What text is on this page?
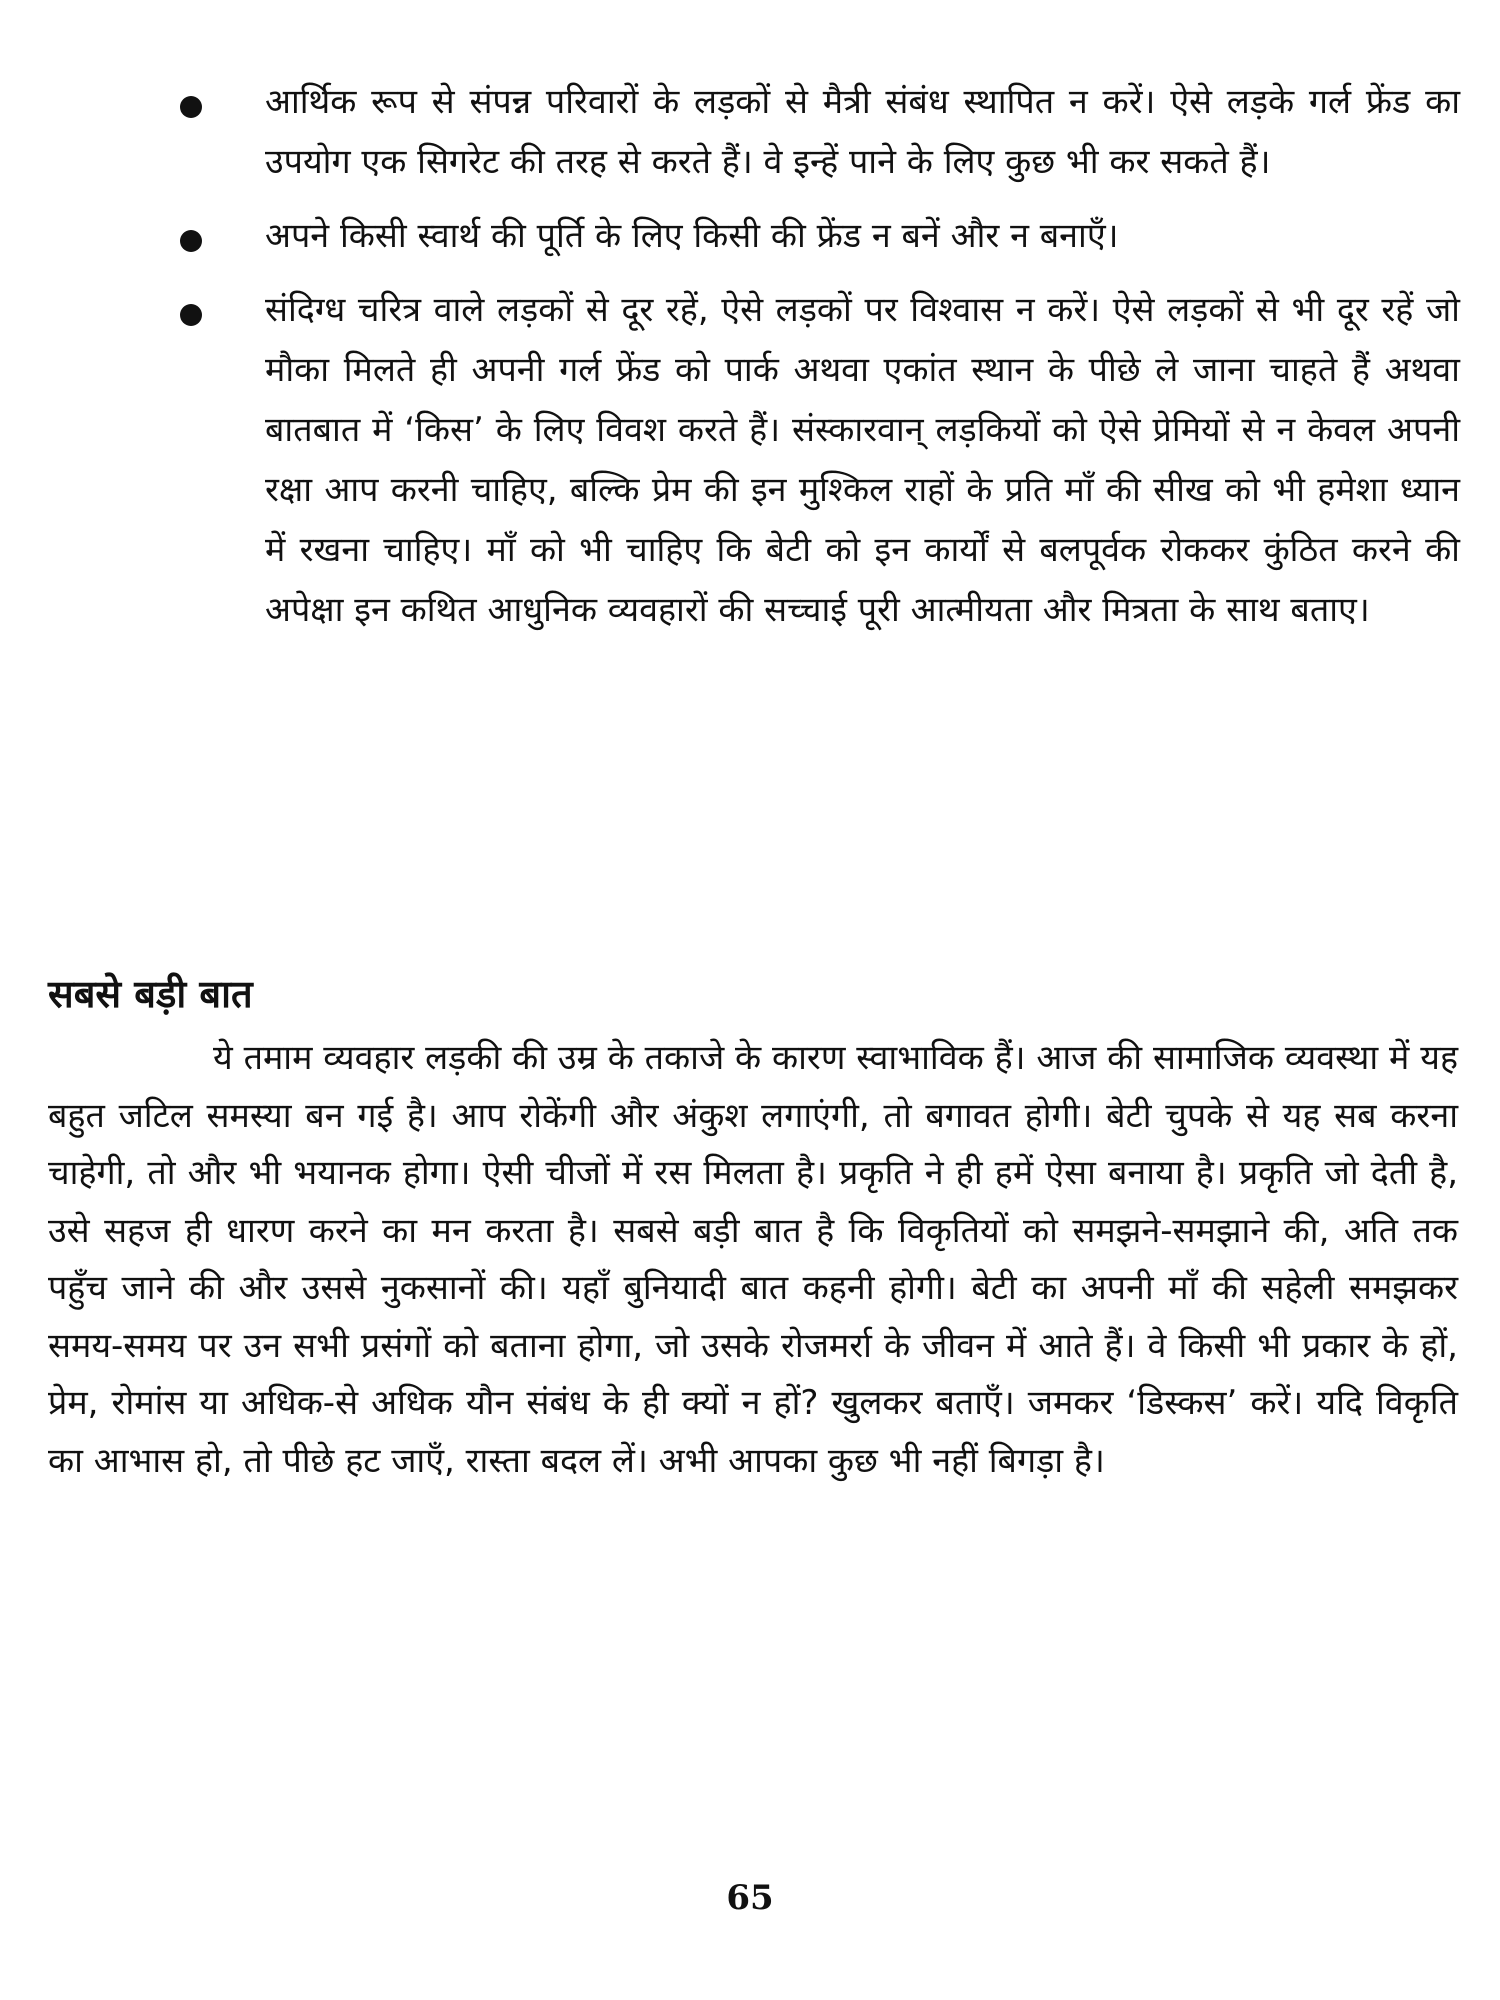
आर्थिक रूप से संपन्न परिवारों के लड़कों से मैत्री संबंध स्थापित न करें। ऐसे लड़के गर्ल फ्रेंड का उपयोग एक सिगरेट की तरह से करते हैं। वे इन्हें पाने के लिए कुछ भी कर सकते हैं।
अपने किसी स्वार्थ की पूर्ति के लिए किसी की फ्रेंड न बनें और न बनाएँ।
संदिग्ध चरित्र वाले लड़कों से दूर रहें, ऐसे लड़कों पर विश्वास न करें। ऐसे लड़कों से भी दूर रहें जो मौका मिलते ही अपनी गर्ल फ्रेंड को पार्क अथवा एकांत स्थान के पीछे ले जाना चाहते हैं अथवा बातबात में ‘किस’ के लिए विवश करते हैं। संस्कारवान् लड़कियों को ऐसे प्रेमियों से न केवल अपनी रक्षा आप करनी चाहिए, बल्कि प्रेम की इन मुश्किल राहों के प्रति माँ की सीख को भी हमेशा ध्यान में रखना चाहिए। माँ को भी चाहिए कि बेटी को इन कार्यों से बलपूर्वक रोककर कुंठित करने की अपेक्षा इन कथित आधुनिक व्यवहारों की सच्चाई पूरी आत्मीयता और मित्रता के साथ बताए।
सबसे बड़ी बात

ये तमाम व्यवहार लड़की की उम्र के तकाजे के कारण स्वाभाविक हैं। आज की सामाजिक व्यवस्था में यह बहुत जटिल समस्या बन गई है। आप रोकेंगी और अंकुश लगाएंगी, तो बगावत होगी। बेटी चुपके से यह सब करना चाहेगी, तो और भी भयानक होगा। ऐसी चीजों में रस मिलता है। प्रकृति ने ही हमें ऐसा बनाया है। प्रकृति जो देती है, उसे सहज ही धारण करने का मन करता है। सबसे बड़ी बात है कि विकृतियों को समझने-समझाने की, अति तक पहुँच जाने की और उससे नुकसानों की। यहाँ बुनियादी बात कहनी होगी। बेटी का अपनी माँ की सहेली समझकर समय-समय पर उन सभी प्रसंगों को बताना होगा, जो उसके रोजमर्रा के जीवन में आते हैं। वे किसी भी प्रकार के हों, प्रेम, रोमांस या अधिक-से अधिक यौन संबंध के ही क्यों न हों? खुलकर बताएँ। जमकर ‘डिस्कस’ करें। यदि विकृति का आभास हो, तो पीछे हट जाएँ, रास्ता बदल लें। अभी आपका कुछ भी नहीं बिगड़ा है।

65
